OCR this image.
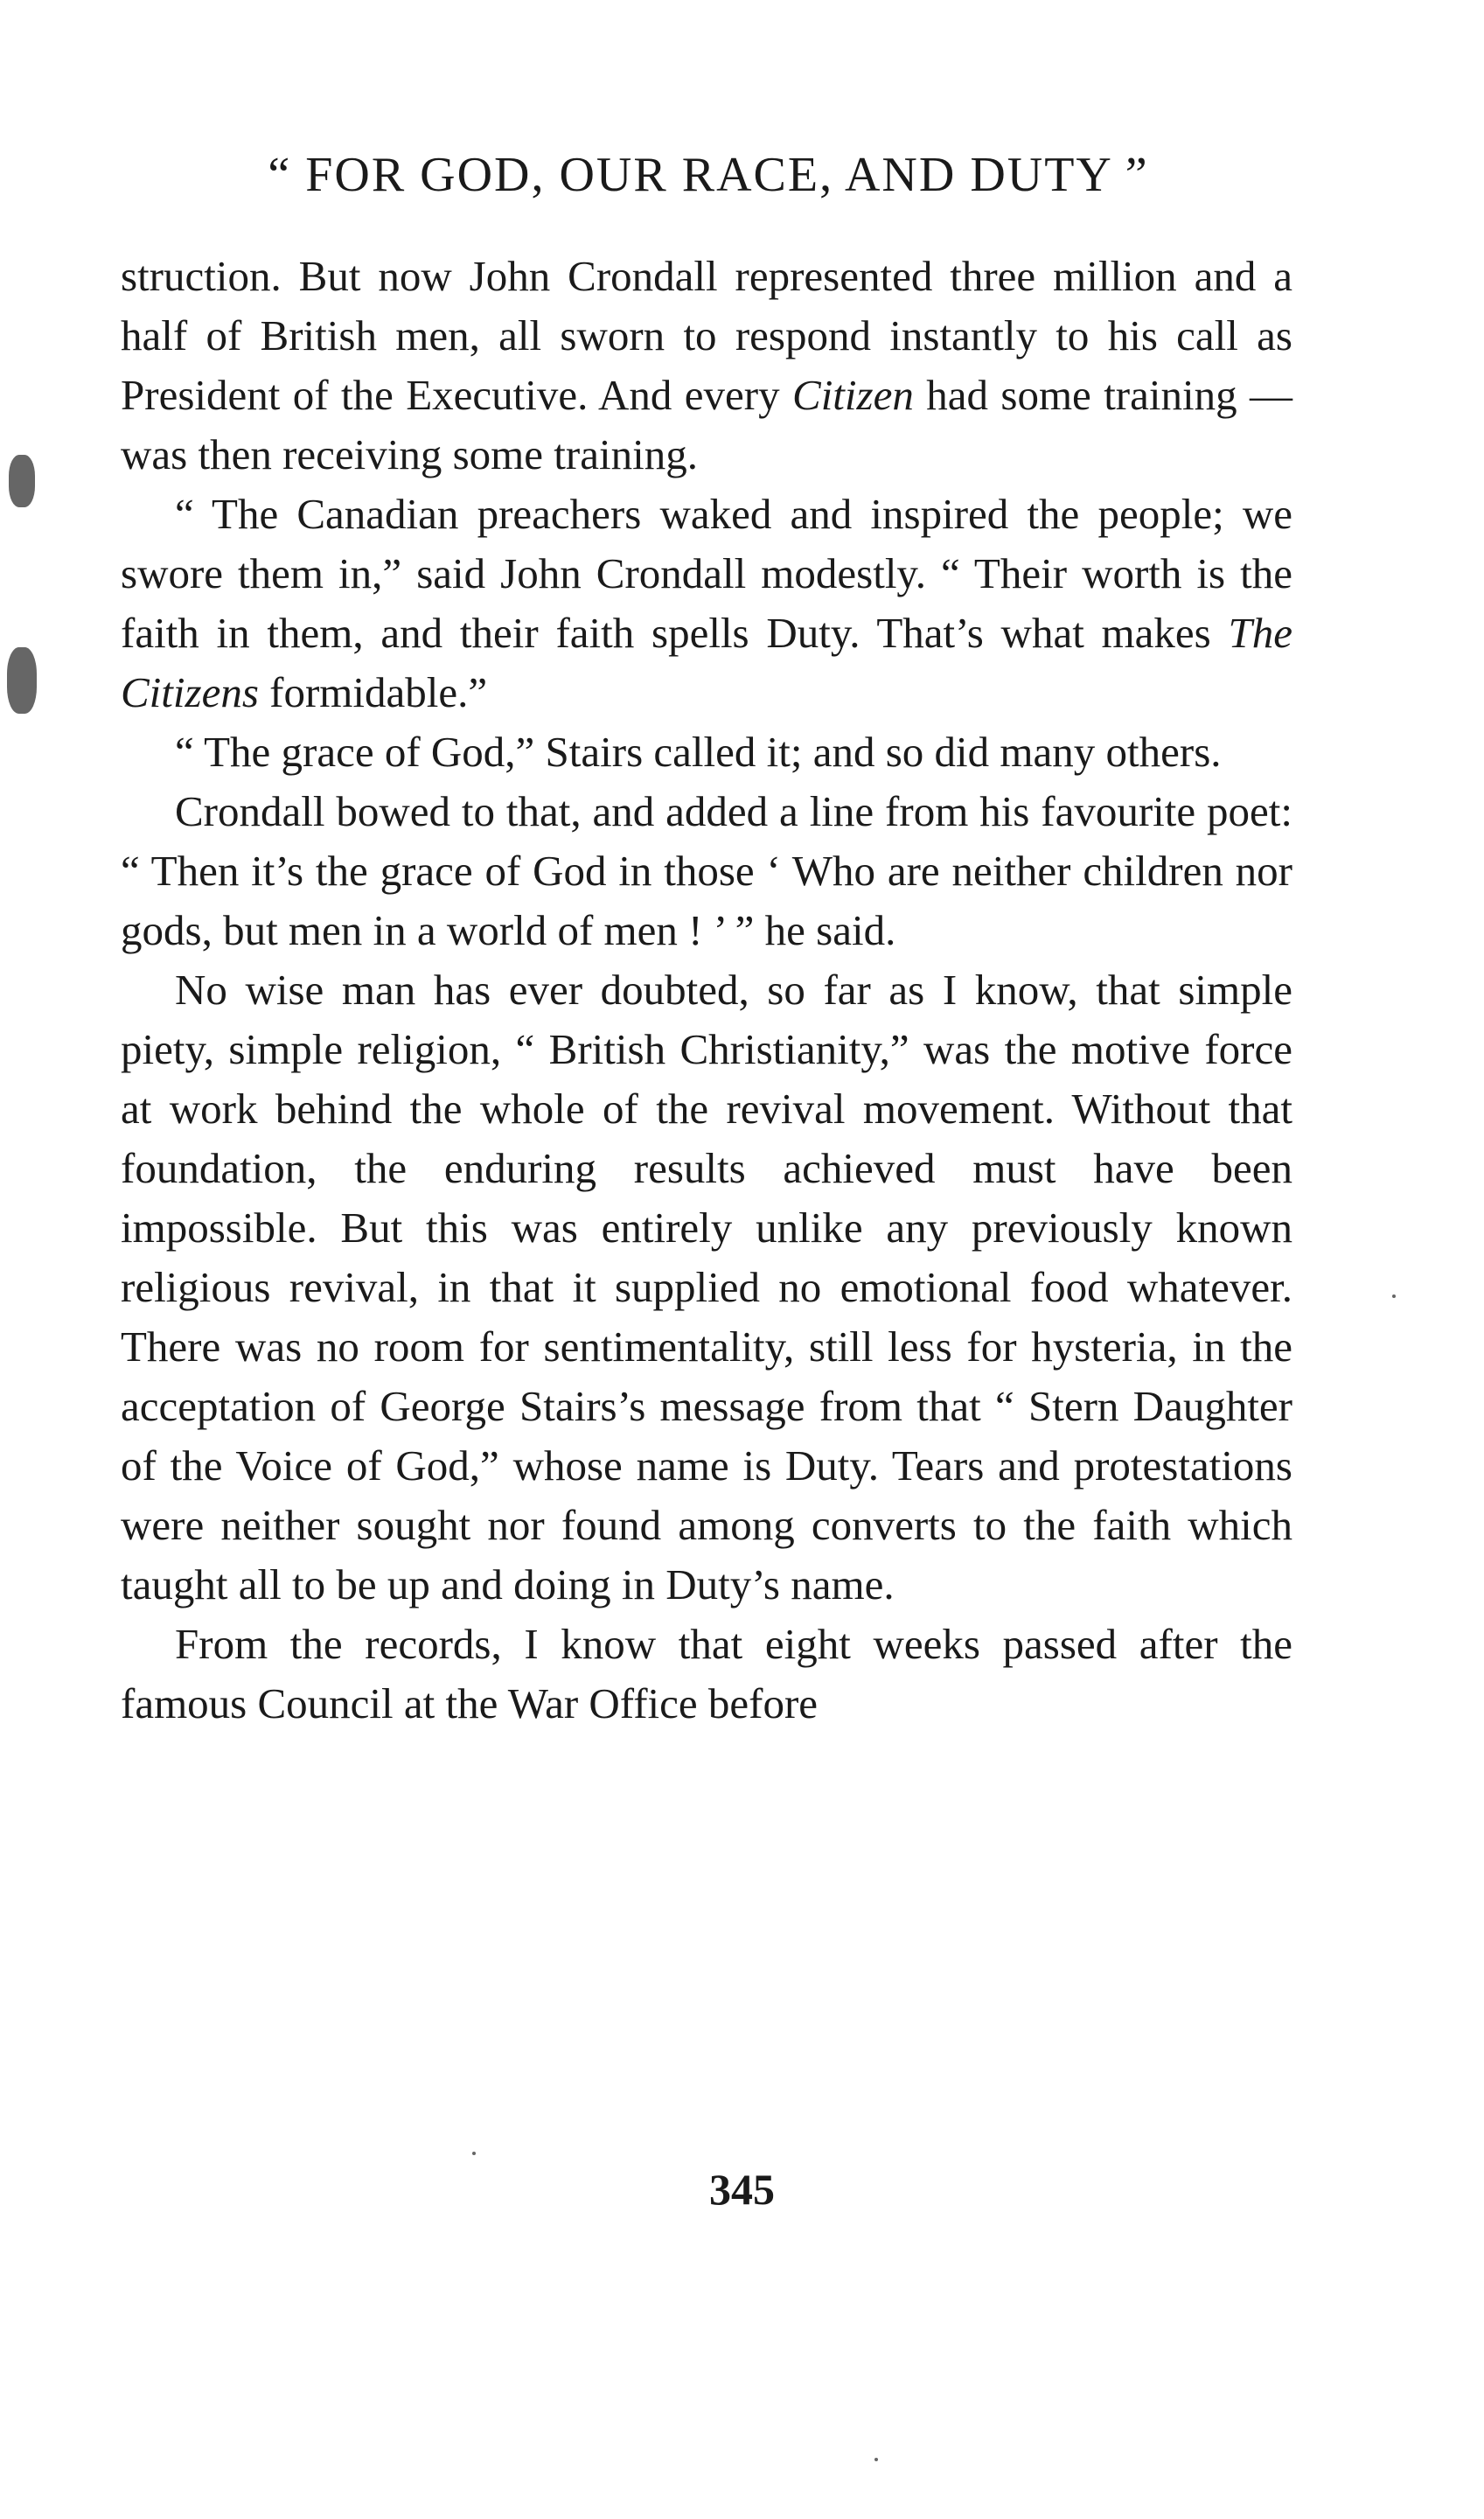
“ FOR GOD, OUR RACE, AND DUTY ”

struction. But now John Crondall represented three million and a half of British men, all sworn to respond instantly to his call as President of the Executive. And every Citizen had some training — was then receiving some training.

“ The Canadian preachers waked and inspired the people; we swore them in,” said John Crondall modestly. “ Their worth is the faith in them, and their faith spells Duty. That’s what makes The Citizens formidable.”

“ The grace of God,” Stairs called it; and so did many others.

Crondall bowed to that, and added a line from his favourite poet: “ Then it’s the grace of God in those ‘ Who are neither children nor gods, but men in a world of men ! ’ ” he said.

No wise man has ever doubted, so far as I know, that simple piety, simple religion, “ British Christianity,” was the motive force at work behind the whole of the revival movement. Without that foundation, the enduring results achieved must have been impossible. But this was entirely unlike any previously known religious revival, in that it supplied no emotional food whatever. There was no room for sentimentality, still less for hysteria, in the acceptation of George Stairs’s message from that “ Stern Daughter of the Voice of God,” whose name is Duty. Tears and protestations were neither sought nor found among converts to the faith which taught all to be up and doing in Duty’s name.

From the records, I know that eight weeks passed after the famous Council at the War Office before

345
